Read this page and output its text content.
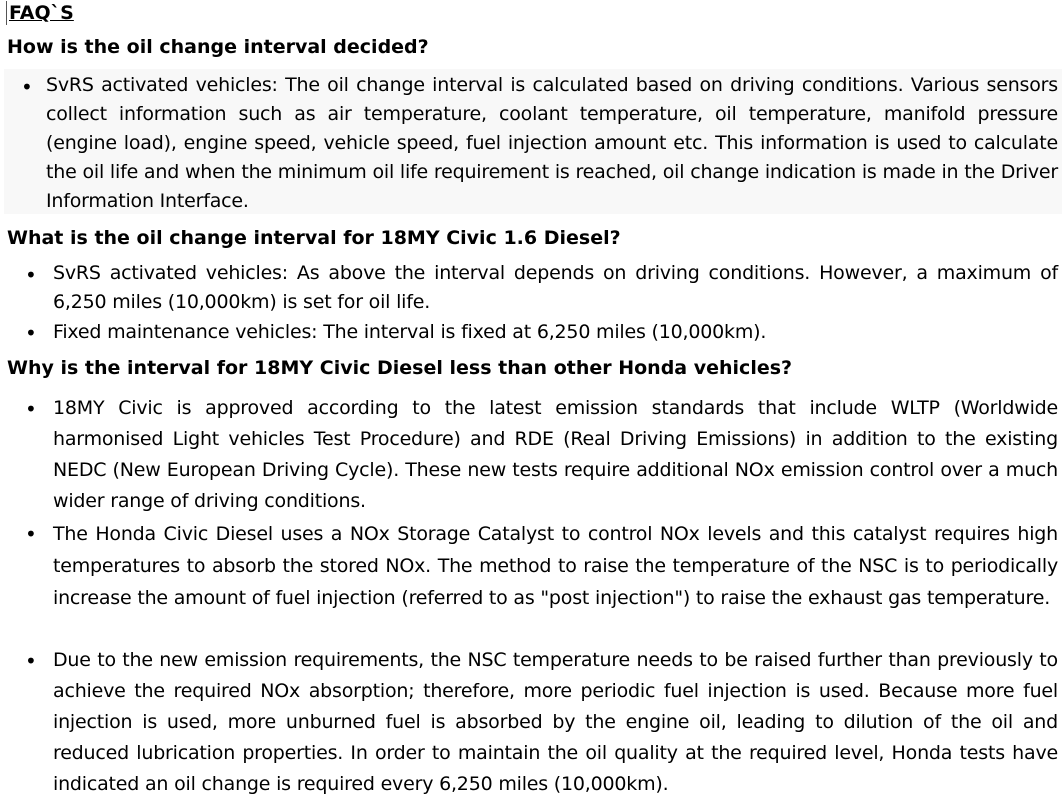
FAQ`S
How is the oil change interval decided?
• SvRS activated vehicles: The oil change interval is calculated based on driving conditions. Various sensors collect information such as air temperature, coolant temperature, oil temperature, manifold pressure (engine load), engine speed, vehicle speed, fuel injection amount etc. This information is used to calculate the oil life and when the minimum oil life requirement is reached, oil change indication is made in the Driver Information Interface.
What is the oil change interval for 18MY Civic 1.6 Diesel?
• SvRS activated vehicles: As above the interval depends on driving conditions. However, a maximum of 6,250 miles (10,000km) is set for oil life.
• Fixed maintenance vehicles: The interval is fixed at 6,250 miles (10,000km).
Why is the interval for 18MY Civic Diesel less than other Honda vehicles?
• 18MY Civic is approved according to the latest emission standards that include WLTP (Worldwide harmonised Light vehicles Test Procedure) and RDE (Real Driving Emissions) in addition to the existing NEDC (New European Driving Cycle). These new tests require additional NOx emission control over a much wider range of driving conditions.
• The Honda Civic Diesel uses a NOx Storage Catalyst to control NOx levels and this catalyst requires high temperatures to absorb the stored NOx. The method to raise the temperature of the NSC is to periodically increase the amount of fuel injection (referred to as "post injection") to raise the exhaust gas temperature.
• Due to the new emission requirements, the NSC temperature needs to be raised further than previously to achieve the required NOx absorption; therefore, more periodic fuel injection is used. Because more fuel injection is used, more unburned fuel is absorbed by the engine oil, leading to dilution of the oil and reduced lubrication properties. In order to maintain the oil quality at the required level, Honda tests have indicated an oil change is required every 6,250 miles (10,000km).
